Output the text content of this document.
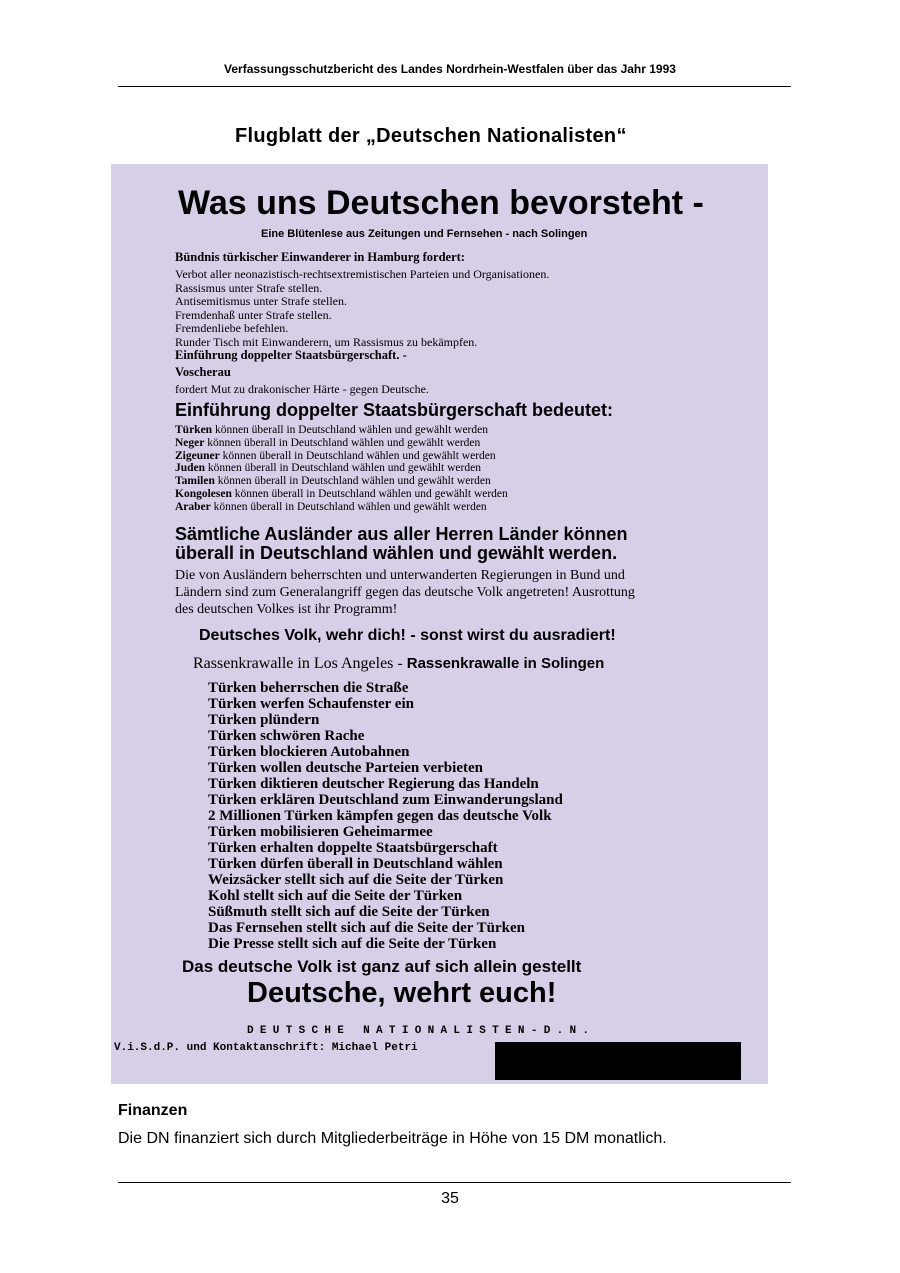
Verfassungsschutzbericht des Landes Nordrhein-Westfalen über das Jahr 1993
Flugblatt der „Deutschen Nationalisten“
Was uns Deutschen bevorsteht -
Eine Blütenlese aus Zeitungen und Fernsehen - nach Solingen
Bündnis türkischer Einwanderer in Hamburg fordert:
Verbot aller neonazistisch-rechtsextremistischen Parteien und Organisationen.
Rassismus unter Strafe stellen.
Antisemitismus unter Strafe stellen.
Fremdenhaß unter Strafe stellen.
Fremdenliebe befehlen.
Runder Tisch mit Einwanderern, um Rassismus zu bekämpfen.
Einführung doppelter Staatsbürgerschaft. -
Voscherau
fordert Mut zu drakonischer Härte - gegen Deutsche.
Einführung doppelter Staatsbürgerschaft bedeutet:
Türken können überall in Deutschland wählen und gewählt werden
Neger können überall in Deutschland wählen und gewählt werden
Zigeuner können überall in Deutschland wählen und gewählt werden
Juden können überall in Deutschland wählen und gewählt werden
Tamilen können überall in Deutschland wählen und gewählt werden
Kongolesen können überall in Deutschland wählen und gewählt werden
Araber können überall in Deutschland wählen und gewählt werden
Sämtliche Ausländer aus aller Herren Länder können
überall in Deutschland wählen und gewählt werden.
Die von Ausländern beherrschten und unterwanderten Regierungen in Bund und
Ländern sind zum Generalangriff gegen das deutsche Volk angetreten! Ausrottung
des deutschen Volkes ist ihr Programm!
Deutsches Volk, wehr dich! - sonst wirst du ausradiert!
Rassenkrawalle in Los Angeles - Rassenkrawalle in Solingen
Türken beherrschen die Straße
Türken werfen Schaufenster ein
Türken plündern
Türken schwören Rache
Türken blockieren Autobahnen
Türken wollen deutsche Parteien verbieten
Türken diktieren deutscher Regierung das Handeln
Türken erklären Deutschland zum Einwanderungsland
2 Millionen Türken kämpfen gegen das deutsche Volk
Türken mobilisieren Geheimarmee
Türken erhalten doppelte Staatsbürgerschaft
Türken dürfen überall in Deutschland wählen
Weizsäcker stellt sich auf die Seite der Türken
Kohl stellt sich auf die Seite der Türken
Süßmuth stellt sich auf die Seite der Türken
Das Fernsehen stellt sich auf die Seite der Türken
Die Presse stellt sich auf die Seite der Türken
Das deutsche Volk ist ganz auf sich allein gestellt
Deutsche, wehrt euch!
DEUTSCHE NATIONALISTEN-D.N.
V.i.S.d.P. und Kontaktanschrift: Michael Petri
Finanzen
Die DN finanziert sich durch Mitgliederbeiträge in Höhe von 15 DM monatlich.
35
